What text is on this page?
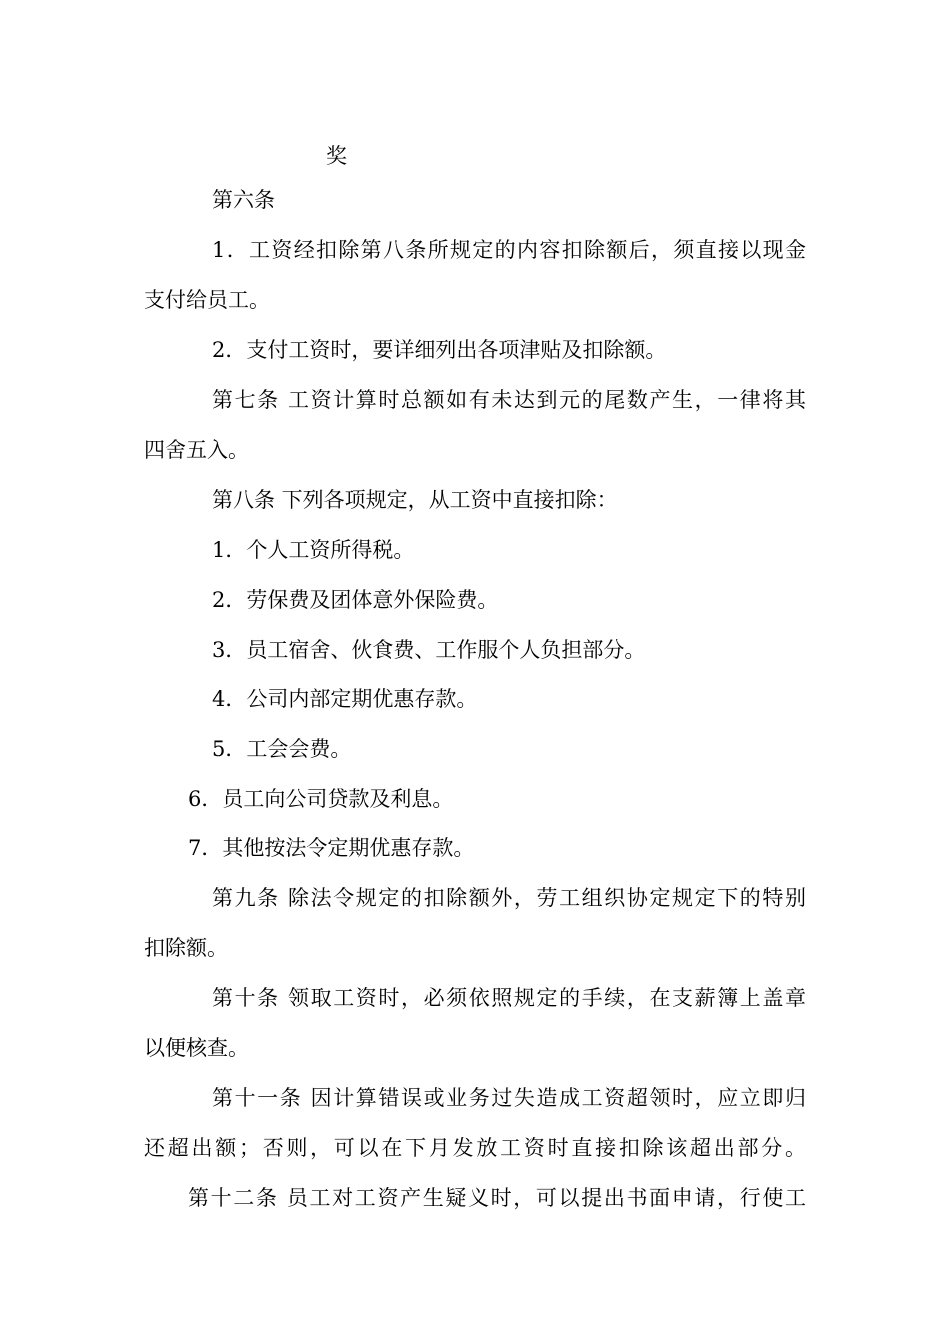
奖
第六条
1．工资经扣除第八条所规定的内容扣除额后，须直接以现金
支付给员工。
2．支付工资时，要详细列出各项津贴及扣除额。
第七条 工资计算时总额如有未达到元的尾数产生，一律将其
四舍五入。
第八条 下列各项规定，从工资中直接扣除：
1．个人工资所得税。
2．劳保费及团体意外保险费。
3．员工宿舍、伙食费、工作服个人负担部分。
4．公司内部定期优惠存款。
5．工会会费。
6．员工向公司贷款及利息。
7．其他按法令定期优惠存款。
第九条 除法令规定的扣除额外，劳工组织协定规定下的特别
扣除额。
第十条 领取工资时，必须依照规定的手续，在支薪簿上盖章
以便核查。
第十一条 因计算错误或业务过失造成工资超领时，应立即归
还超出额；否则，可以在下月发放工资时直接扣除该超出部分。
第十二条 员工对工资产生疑义时，可以提出书面申请，行使工
